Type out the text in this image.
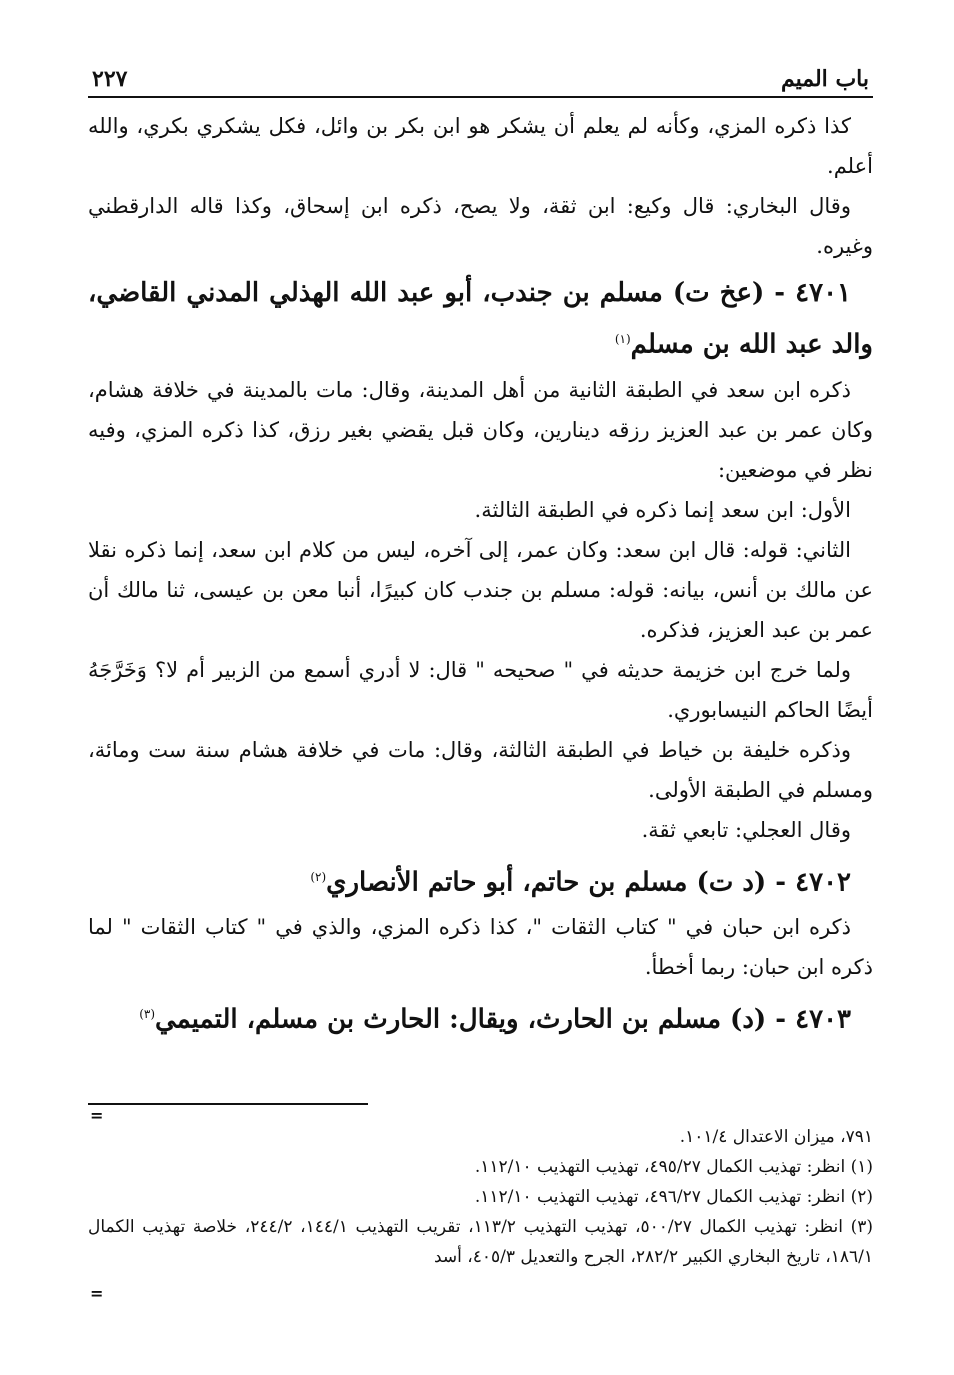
باب الميم
٢٢٧

كذا ذكره المزي، وكأنه لم يعلم أن يشكر هو ابن بكر بن وائل، فكل يشكري بكري، والله أعلم.

وقال البخاري: قال وكيع: ابن ثقة، ولا يصح، ذكره ابن إسحاق، وكذا قاله الدارقطني وغيره.

٤٧٠١ - (عخ ت) مسلم بن جندب، أبو عبد الله الهذلي المدني القاضي، والد عبد الله بن مسلم$^{(١)}$

ذكره ابن سعد في الطبقة الثانية من أهل المدينة، وقال: مات بالمدينة في خلافة هشام، وكان عمر بن عبد العزيز رزقه دينارين، وكان قبل يقضي بغير رزق، كذا ذكره المزي، وفيه نظر في موضعين:

الأول: ابن سعد إنما ذكره في الطبقة الثالثة.

الثاني: قوله: قال ابن سعد: وكان عمر، إلى آخره، ليس من كلام ابن سعد، إنما ذكره نقلا عن مالك بن أنس، بيانه: قوله: مسلم بن جندب كان كبيرًا، أنبا معن بن عيسى، ثنا مالك أن عمر بن عبد العزيز، فذكره.

ولما خرج ابن خزيمة حديثه في " صحيحه " قال: لا أدري أسمع من الزبير أم لا؟ وَخَرَّجَهُ أيضًا الحاكم النيسابوري.

وذكره خليفة بن خياط في الطبقة الثالثة، وقال: مات في خلافة هشام سنة ست ومائة، ومسلم في الطبقة الأولى.

وقال العجلي: تابعي ثقة.

٤٧٠٢ - (د ت) مسلم بن حاتم، أبو حاتم الأنصاري$^{(٢)}$

ذكره ابن حبان في " كتاب الثقات "، كذا ذكره المزي، والذي في " كتاب الثقات " لما ذكره ابن حبان: ربما أخطأ.

٤٧٠٣ - (د) مسلم بن الحارث، ويقال: الحارث بن مسلم، التميمي$^{(٣)}$

=

٧٩١، ميزان الاعتدال ١٠١/٤.

(١) انظر: تهذيب الكمال ٤٩٥/٢٧، تهذيب التهذيب ١١٢/١٠.

(٢) انظر: تهذيب الكمال ٤٩٦/٢٧، تهذيب التهذيب ١١٢/١٠.

(٣) انظر: تهذيب الكمال ٥٠٠/٢٧، تهذيب التهذيب ١١٣/٢، تقريب التهذيب ١٤٤/١، ٢٤٤/٢، خلاصة تهذيب الكمال ١٨٦/١، تاريخ البخاري الكبير ٢٨٢/٢، الجرح والتعديل ٤٠٥/٣، أسد

=
